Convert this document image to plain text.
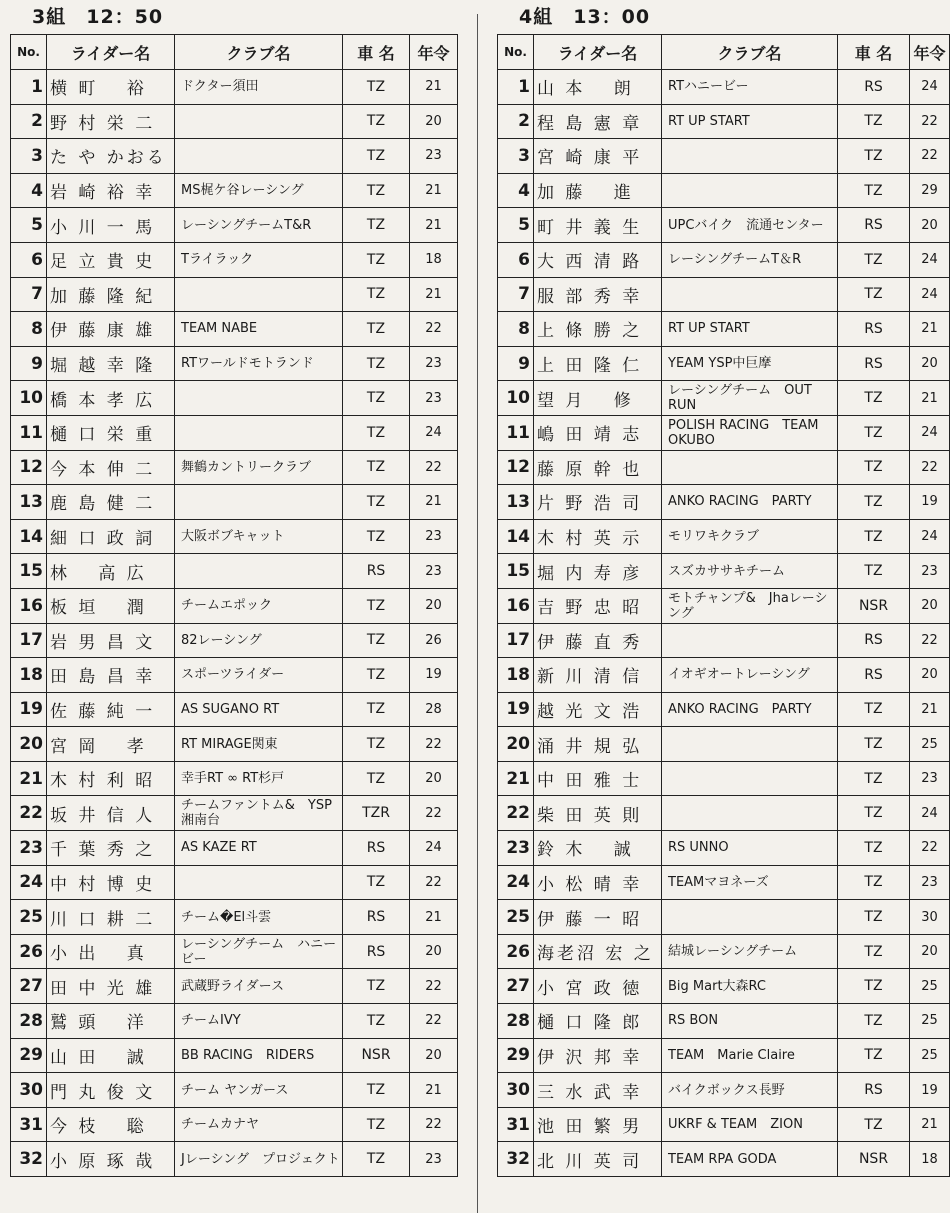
3組　12：50
No.	ライダー名	クラブ名	車 名	年令
1	横 町　 裕	ドクター須田	TZ	21
2	野 村 栄 二		TZ	20
3	た や かおる		TZ	23
4	岩 崎 裕 幸	MS梶ケ谷レーシング	TZ	21
5	小 川 一 馬	レーシングチームT&R	TZ	21
6	足 立 貴 史	Tライラック	TZ	18
7	加 藤 隆 紀		TZ	21
8	伊 藤 康 雄	TEAM NABE	TZ	22
9	堀 越 幸 隆	RTワールドモトランド	TZ	23
10	橋 本 孝 広		TZ	23
11	樋 口 栄 重		TZ	24
12	今 本 伸 二	舞鶴カントリークラブ	TZ	22
13	鹿 島 健 二		TZ	21
14	細 口 政 詞	大阪ボブキャット	TZ	23
15	林　 高 広		RS	23
16	板 垣　 潤	チームエポック	TZ	20
17	岩 男 昌 文	82レーシング	TZ	26
18	田 島 昌 幸	スポーツライダー	TZ	19
19	佐 藤 純 一	AS SUGANO RT	TZ	28
20	宮 岡　 孝	RT MIRAGE関東	TZ	22
21	木 村 利 昭	幸手RT ∞ RT杉戸	TZ	20
22	坂 井 信 人	チームファントム&　YSP湘南台	TZR	22
23	千 葉 秀 之	AS KAZE RT	RS	24
24	中 村 博 史		TZ	22
25	川 口 耕 二	チーム�El斗雲	RS	21
26	小 出　 真	レーシングチーム　ハニービー	RS	20
27	田 中 光 雄	武蔵野ライダース	TZ	22
28	鷲 頭　 洋	チームIVY	TZ	22
29	山 田　 誠	BB RACING　RIDERS	NSR	20
30	門 丸 俊 文	チーム ヤンガース	TZ	21
31	今 枝　 聡	チームカナヤ	TZ	22
32	小 原 琢 哉	Jレーシング　プロジェクト	TZ	23
4組　13：00
No.	ライダー名	クラブ名	車 名	年令
1	山 本　 朗	RTハニービー	RS	24
2	程 島 憲 章	RT UP START	TZ	22
3	宮 崎 康 平		TZ	22
4	加 藤　 進		TZ	29
5	町 井 義 生	UPCバイク　流通センター	RS	20
6	大 西 清 路	レーシングチームT＆R	TZ	24
7	服 部 秀 幸		TZ	24
8	上 條 勝 之	RT UP START	RS	21
9	上 田 隆 仁	YEAM YSP中巨摩	RS	20
10	望 月　 修	レーシングチーム　OUT RUN	TZ	21
11	嶋 田 靖 志	POLISH RACING　TEAM OKUBO	TZ	24
12	藤 原 幹 也		TZ	22
13	片 野 浩 司	ANKO RACING　PARTY	TZ	19
14	木 村 英 示	モリワキクラブ	TZ	24
15	堀 内 寿 彦	スズカササキチーム	TZ	23
16	吉 野 忠 昭	モトチャンプ&　Jhaレーシング	NSR	20
17	伊 藤 直 秀		RS	22
18	新 川 清 信	イオギオートレーシング	RS	20
19	越 光 文 浩	ANKO RACING　PARTY	TZ	21
20	涌 井 規 弘		TZ	25
21	中 田 雅 士		TZ	23
22	柴 田 英 則		TZ	24
23	鈴 木　 誠	RS UNNO	TZ	22
24	小 松 晴 幸	TEAMマヨネーズ	TZ	23
25	伊 藤 一 昭		TZ	30
26	海老沼 宏 之	結城レーシングチーム	TZ	20
27	小 宮 政 徳	Big Mart大森RC	TZ	25
28	樋 口 隆 郎	RS BON	TZ	25
29	伊 沢 邦 幸	TEAM　Marie Claire	TZ	25
30	三 水 武 幸	バイクボックス長野	RS	19
31	池 田 繁 男	UKRF & TEAM　ZION	TZ	21
32	北 川 英 司	TEAM RPA GODA	NSR	18
